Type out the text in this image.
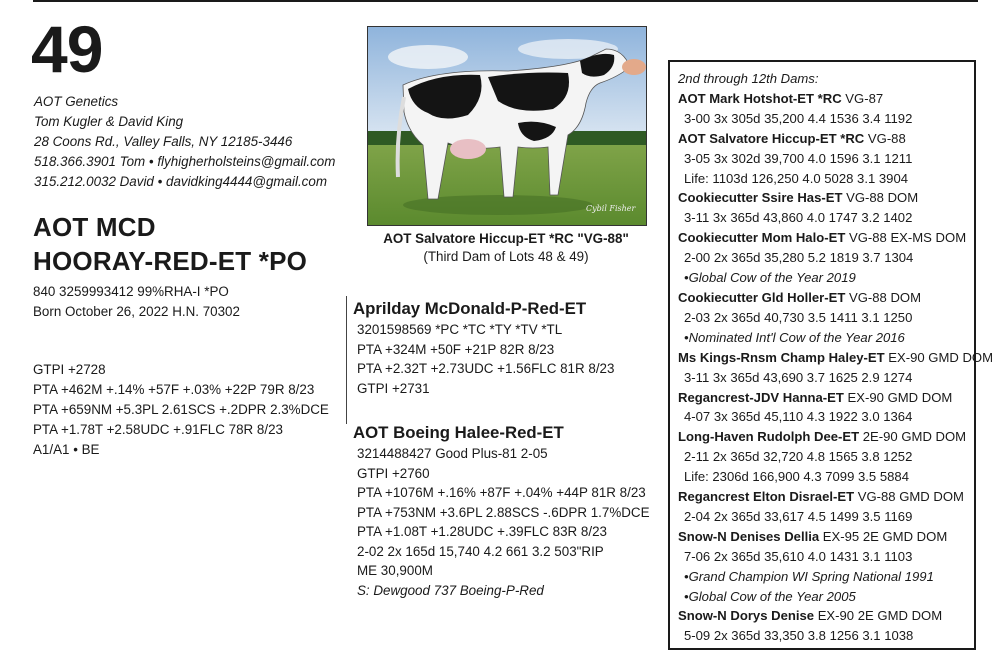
49
AOT Genetics
Tom Kugler & David King
28 Coons Rd., Valley Falls, NY 12185-3446
518.366.3901 Tom • flyhigherholsteins@gmail.com
315.212.0032 David • davidking4444@gmail.com
AOT MCD
HOORAY-RED-ET *PO
840 3259993412 99%RHA-I *PO
Born October 26, 2022 H.N. 70302
GTPI +2728
PTA +462M +.14% +57F +.03% +22P 79R 8/23
PTA +659NM +5.3PL 2.61SCS +.2DPR 2.3%DCE
PTA +1.78T +2.58UDC +.91FLC 78R 8/23
A1/A1 • BE
Cybil Fisher
AOT Salvatore Hiccup-ET *RC "VG-88"
(Third Dam of Lots 48 & 49)
Aprilday McDonald-P-Red-ET
3201598569 *PC *TC *TY *TV *TL
PTA +324M +50F +21P 82R 8/23
PTA +2.32T +2.73UDC +1.56FLC 81R 8/23
GTPI +2731
AOT Boeing Halee-Red-ET
3214488427 Good Plus-81 2-05
GTPI +2760
PTA +1076M +.16% +87F +.04% +44P 81R 8/23
PTA +753NM +3.6PL 2.88SCS -.6DPR 1.7%DCE
PTA +1.08T +1.28UDC +.39FLC 83R 8/23
2-02 2x 165d 15,740 4.2 661 3.2 503"RIP
ME 30,900M
S: Dewgood 737 Boeing-P-Red
2nd through 12th Dams:
AOT Mark Hotshot-ET *RC VG-87
3-00 3x 305d 35,200 4.4 1536 3.4 1192
AOT Salvatore Hiccup-ET *RC VG-88
3-05 3x 302d 39,700 4.0 1596 3.1 1211
Life: 1103d 126,250 4.0 5028 3.1 3904
Cookiecutter Ssire Has-ET VG-88 DOM
3-11 3x 365d 43,860 4.0 1747 3.2 1402
Cookiecutter Mom Halo-ET VG-88 EX-MS DOM
2-00 2x 365d 35,280 5.2 1819 3.7 1304
•Global Cow of the Year 2019
Cookiecutter Gld Holler-ET VG-88 DOM
2-03 2x 365d 40,730 3.5 1411 3.1 1250
•Nominated Int'l Cow of the Year 2016
Ms Kings-Rnsm Champ Haley-ET EX-90 GMD DOM
3-11 3x 365d 43,690 3.7 1625 2.9 1274
Regancrest-JDV Hanna-ET EX-90 GMD DOM
4-07 3x 365d 45,110 4.3 1922 3.0 1364
Long-Haven Rudolph Dee-ET 2E-90 GMD DOM
2-11 2x 365d 32,720 4.8 1565 3.8 1252
Life: 2306d 166,900 4.3 7099 3.5 5884
Regancrest Elton Disrael-ET VG-88 GMD DOM
2-04 2x 365d 33,617 4.5 1499 3.5 1169
Snow-N Denises Dellia EX-95 2E GMD DOM
7-06 2x 365d 35,610 4.0 1431 3.1 1103
•Grand Champion WI Spring National 1991
•Global Cow of the Year 2005
Snow-N Dorys Denise EX-90 2E GMD DOM
5-09 2x 365d 33,350 3.8 1256 3.1 1038
